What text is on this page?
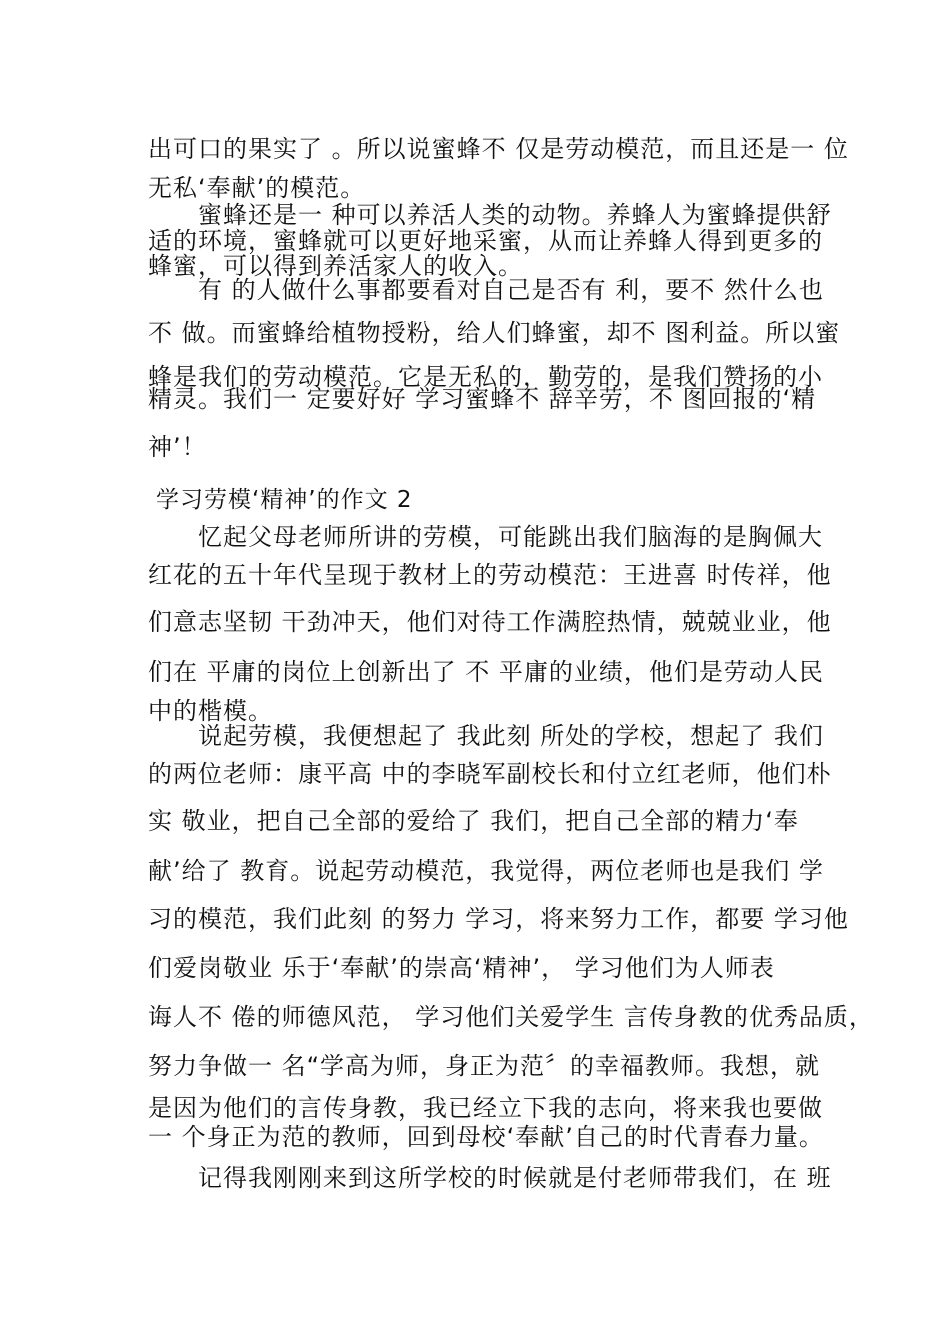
出可口的果实了 。所以说蜜蜂不 仅是劳动模范，而且还是一 位
无私‘奉献’的模范。
蜜蜂还是一 种可以养活人类的动物。养蜂人为蜜蜂提供舒
适的环境，蜜蜂就可以更好地采蜜，从而让养蜂人得到更多的
蜂蜜，可以得到养活家人的收入。
有 的人做什么事都要看对自己是否有 利，要不 然什么也
不 做。而蜜蜂给植物授粉，给人们蜂蜜，却不 图利益。所以蜜
蜂是我们的劳动模范。它是无私的，勤劳的，是我们赞扬的小
精灵。我们一 定要好好 学习蜜蜂不 辞辛劳，不 图回报的‘精
神’！
学习劳模‘精神’的作文 2
忆起父母老师所讲的劳模，可能跳出我们脑海的是胸佩大
红花的五十年代呈现于教材上的劳动模范：王进喜 时传祥，他
们意志坚韧 干劲冲天，他们对待工作满腔热情，兢兢业业，他
们在 平庸的岗位上创新出了 不 平庸的业绩，他们是劳动人民
中的楷模。
说起劳模，我便想起了 我此刻 所处的学校，想起了 我们
的两位老师：康平高 中的李晓军副校长和付立红老师，他们朴
实 敬业，把自己全部的爱给了 我们，把自己全部的精力‘奉
献’给了 教育。说起劳动模范，我觉得，两位老师也是我们 学
习的模范，我们此刻 的努力 学习，将来努力工作，都要 学习他
们爱岗敬业 乐于‘奉献’的崇高‘精神’， 学习他们为人师表
诲人不 倦的师德风范， 学习他们关爱学生 言传身教的优秀品质，
努力争做一 名“学高为师，身正为范〞的幸福教师。我想，就
是因为他们的言传身教，我已经立下我的志向，将来我也要做
一 个身正为范的教师，回到母校‘奉献’自己的时代青春力量。
记得我刚刚来到这所学校的时候就是付老师带我们，在 班
